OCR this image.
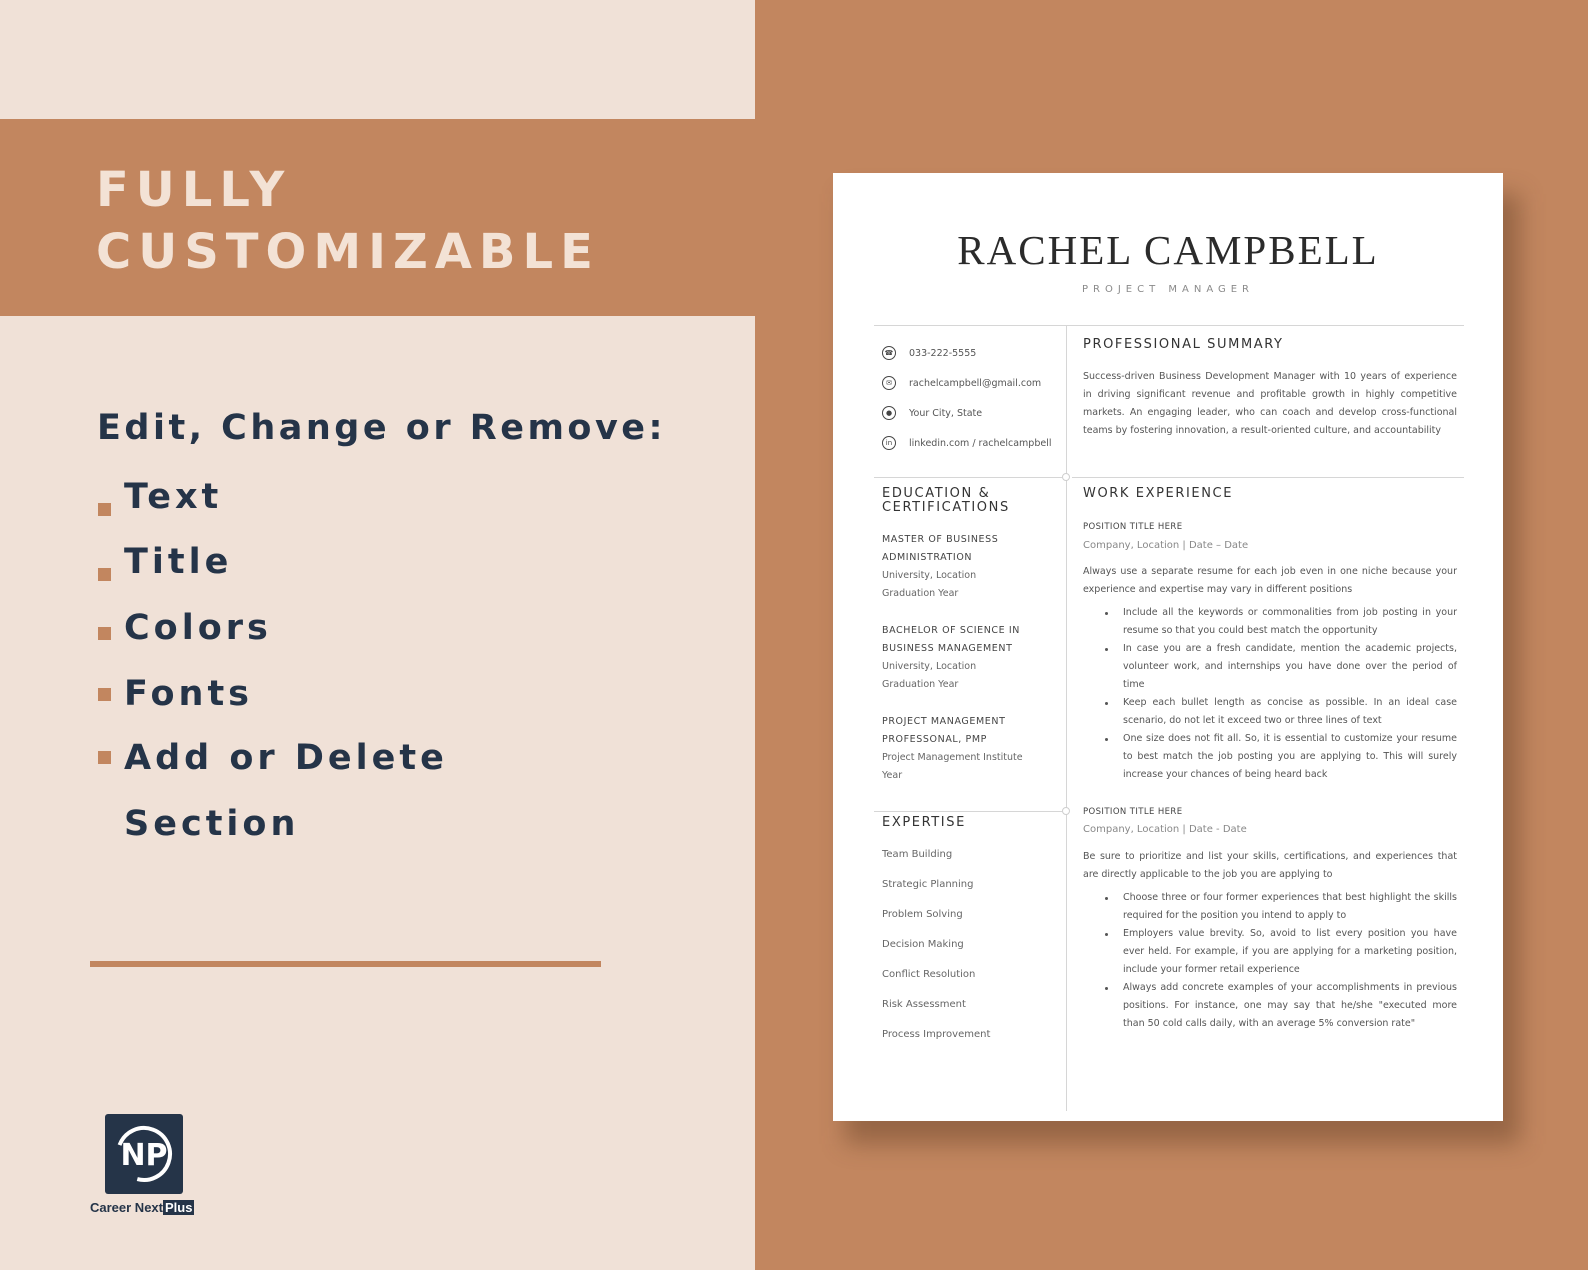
FULLY
CUSTOMIZABLE
Edit, Change or Remove:
Text
Title
Colors
Fonts
Add or Delete
Section
NP
Career Next Plus
RACHEL CAMPBELL
PROJECT MANAGER
☎ 033-222-5555
✉	rachelcampbell@gmail.com
●	Your City, State
in	linkedin.com / rachelcampbell
PROFESSIONAL SUMMARY
Success-driven Business Development Manager with 10 years of experience in driving significant revenue and profitable growth in highly competitive markets. An engaging leader, who can coach and develop cross-functional teams by fostering innovation, a result-oriented culture, and accountability
EDUCATION & CERTIFICATIONS
MASTER OF BUSINESS ADMINISTRATION
University, Location
Graduation Year
BACHELOR OF SCIENCE IN BUSINESS MANAGEMENT
University, Location
Graduation Year
PROJECT MANAGEMENT PROFESSONAL, PMP
Project Management Institute
Year
EXPERTISE
Team Building
Strategic Planning
Problem Solving
Decision Making
Conflict Resolution
Risk Assessment
Process Improvement
WORK EXPERIENCE
POSITION TITLE HERE
Company, Location | Date – Date
Always use a separate resume for each job even in one niche because your experience and expertise may vary in different positions
Include all the keywords or commonalities from job posting in your resume so that you could best match the opportunity
In case you are a fresh candidate, mention the academic projects, volunteer work, and internships you have done over the period of time
Keep each bullet length as concise as possible. In an ideal case scenario, do not let it exceed two or three lines of text
One size does not fit all. So, it is essential to customize your resume to best match the job posting you are applying to. This will surely increase your chances of being heard back
POSITION TITLE HERE
Company, Location | Date - Date
Be sure to prioritize and list your skills, certifications, and experiences that are directly applicable to the job you are applying to
Choose three or four former experiences that best highlight the skills required for the position you intend to apply to
Employers value brevity. So, avoid to list every position you have ever held. For example, if you are applying for a marketing position, include your former retail experience
Always add concrete examples of your accomplishments in previous positions. For instance, one may say that he/she "executed more than 50 cold calls daily, with an average 5% conversion rate"
